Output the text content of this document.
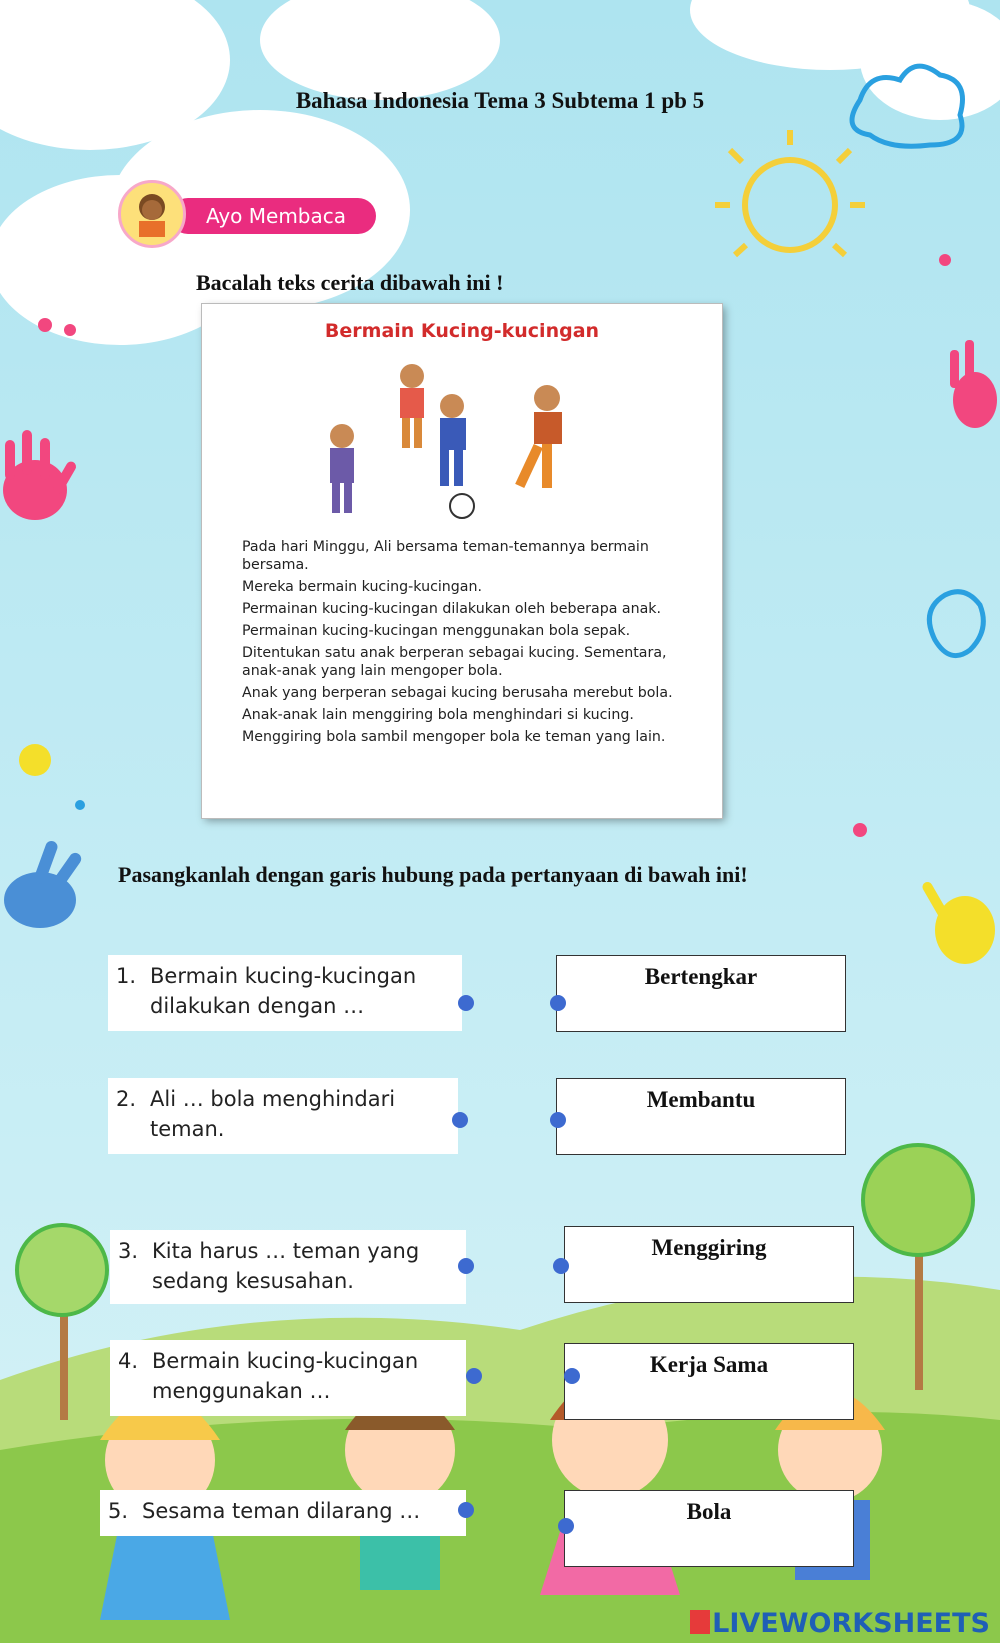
Bahasa Indonesia Tema 3 Subtema 1 pb 5
Ayo Membaca
Bacalah teks cerita dibawah ini !
Bermain Kucing-kucingan

Pada hari Minggu, Ali bersama teman-temannya bermain bersama.

Mereka bermain kucing-kucingan.

Permainan kucing-kucingan dilakukan oleh beberapa anak.

Permainan kucing-kucingan menggunakan bola sepak.

Ditentukan satu anak berperan sebagai kucing. Sementara, anak-anak yang lain mengoper bola.

Anak yang berperan sebagai kucing berusaha merebut bola.

Anak-anak lain menggiring bola menghindari si kucing.

Menggiring bola sambil mengoper bola ke teman yang lain.

Pasangkanlah dengan garis hubung pada pertanyaan di bawah ini!
1. Bermain kucing-kucingan
dilakukan dengan …
2. Ali … bola menghindari
teman.
3. Kita harus … teman yang
sedang kesusahan.
4. Bermain kucing-kucingan
menggunakan …
5. Sesama teman dilarang …
Bertengkar
Membantu
Menggiring
Kerja Sama
Bola
LIVEWORKSHEETS
